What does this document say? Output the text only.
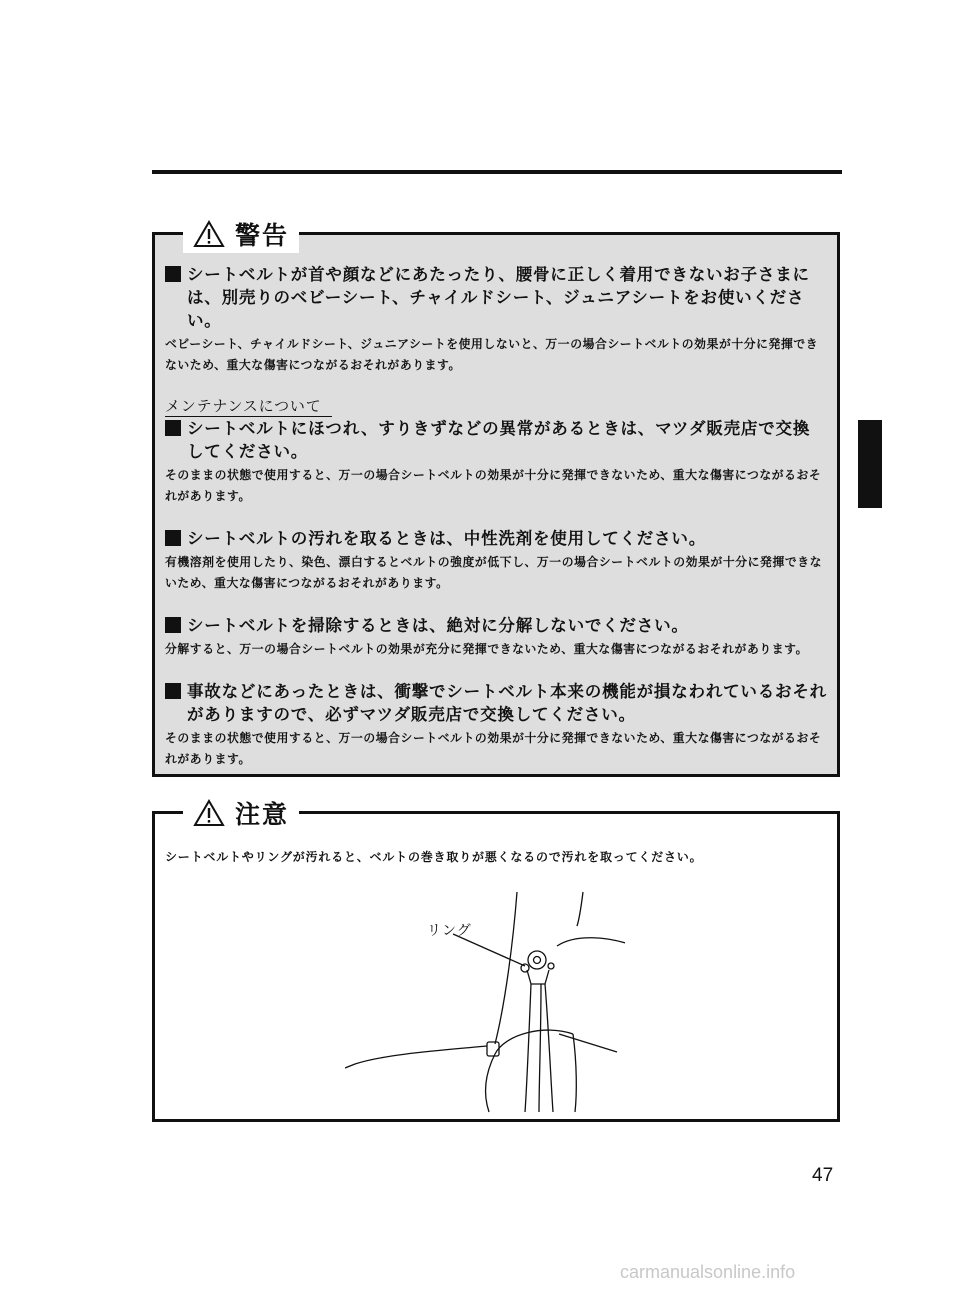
警告

シートベルトが首や顔などにあたったり、腰骨に正しく着用できないお子さまには、別売りのベビーシート、チャイルドシート、ジュニアシートをお使いください。

ベビーシート、チャイルドシート、ジュニアシートを使用しないと、万一の場合シートベルトの効果が十分に発揮できないため、重大な傷害につながるおそれがあります。

メンテナンスについて

シートベルトにほつれ、すりきずなどの異常があるときは、マツダ販売店で交換してください。

そのままの状態で使用すると、万一の場合シートベルトの効果が十分に発揮できないため、重大な傷害につながるおそれがあります。

シートベルトの汚れを取るときは、中性洗剤を使用してください。

有機溶剤を使用したり、染色、漂白するとベルトの強度が低下し、万一の場合シートベルトの効果が十分に発揮できないため、重大な傷害につながるおそれがあります。

シートベルトを掃除するときは、絶対に分解しないでください。

分解すると、万一の場合シートベルトの効果が充分に発揮できないため、重大な傷害につながるおそれがあります。

事故などにあったときは、衝撃でシートベルト本来の機能が損なわれているおそれがありますので、必ずマツダ販売店で交換してください。

そのままの状態で使用すると、万一の場合シートベルトの効果が十分に発揮できないため、重大な傷害につながるおそれがあります。

注意
シートベルトやリングが汚れると、ベルトの巻き取りが悪くなるので汚れを取ってください。
リング
47
carmanualsonline.info
